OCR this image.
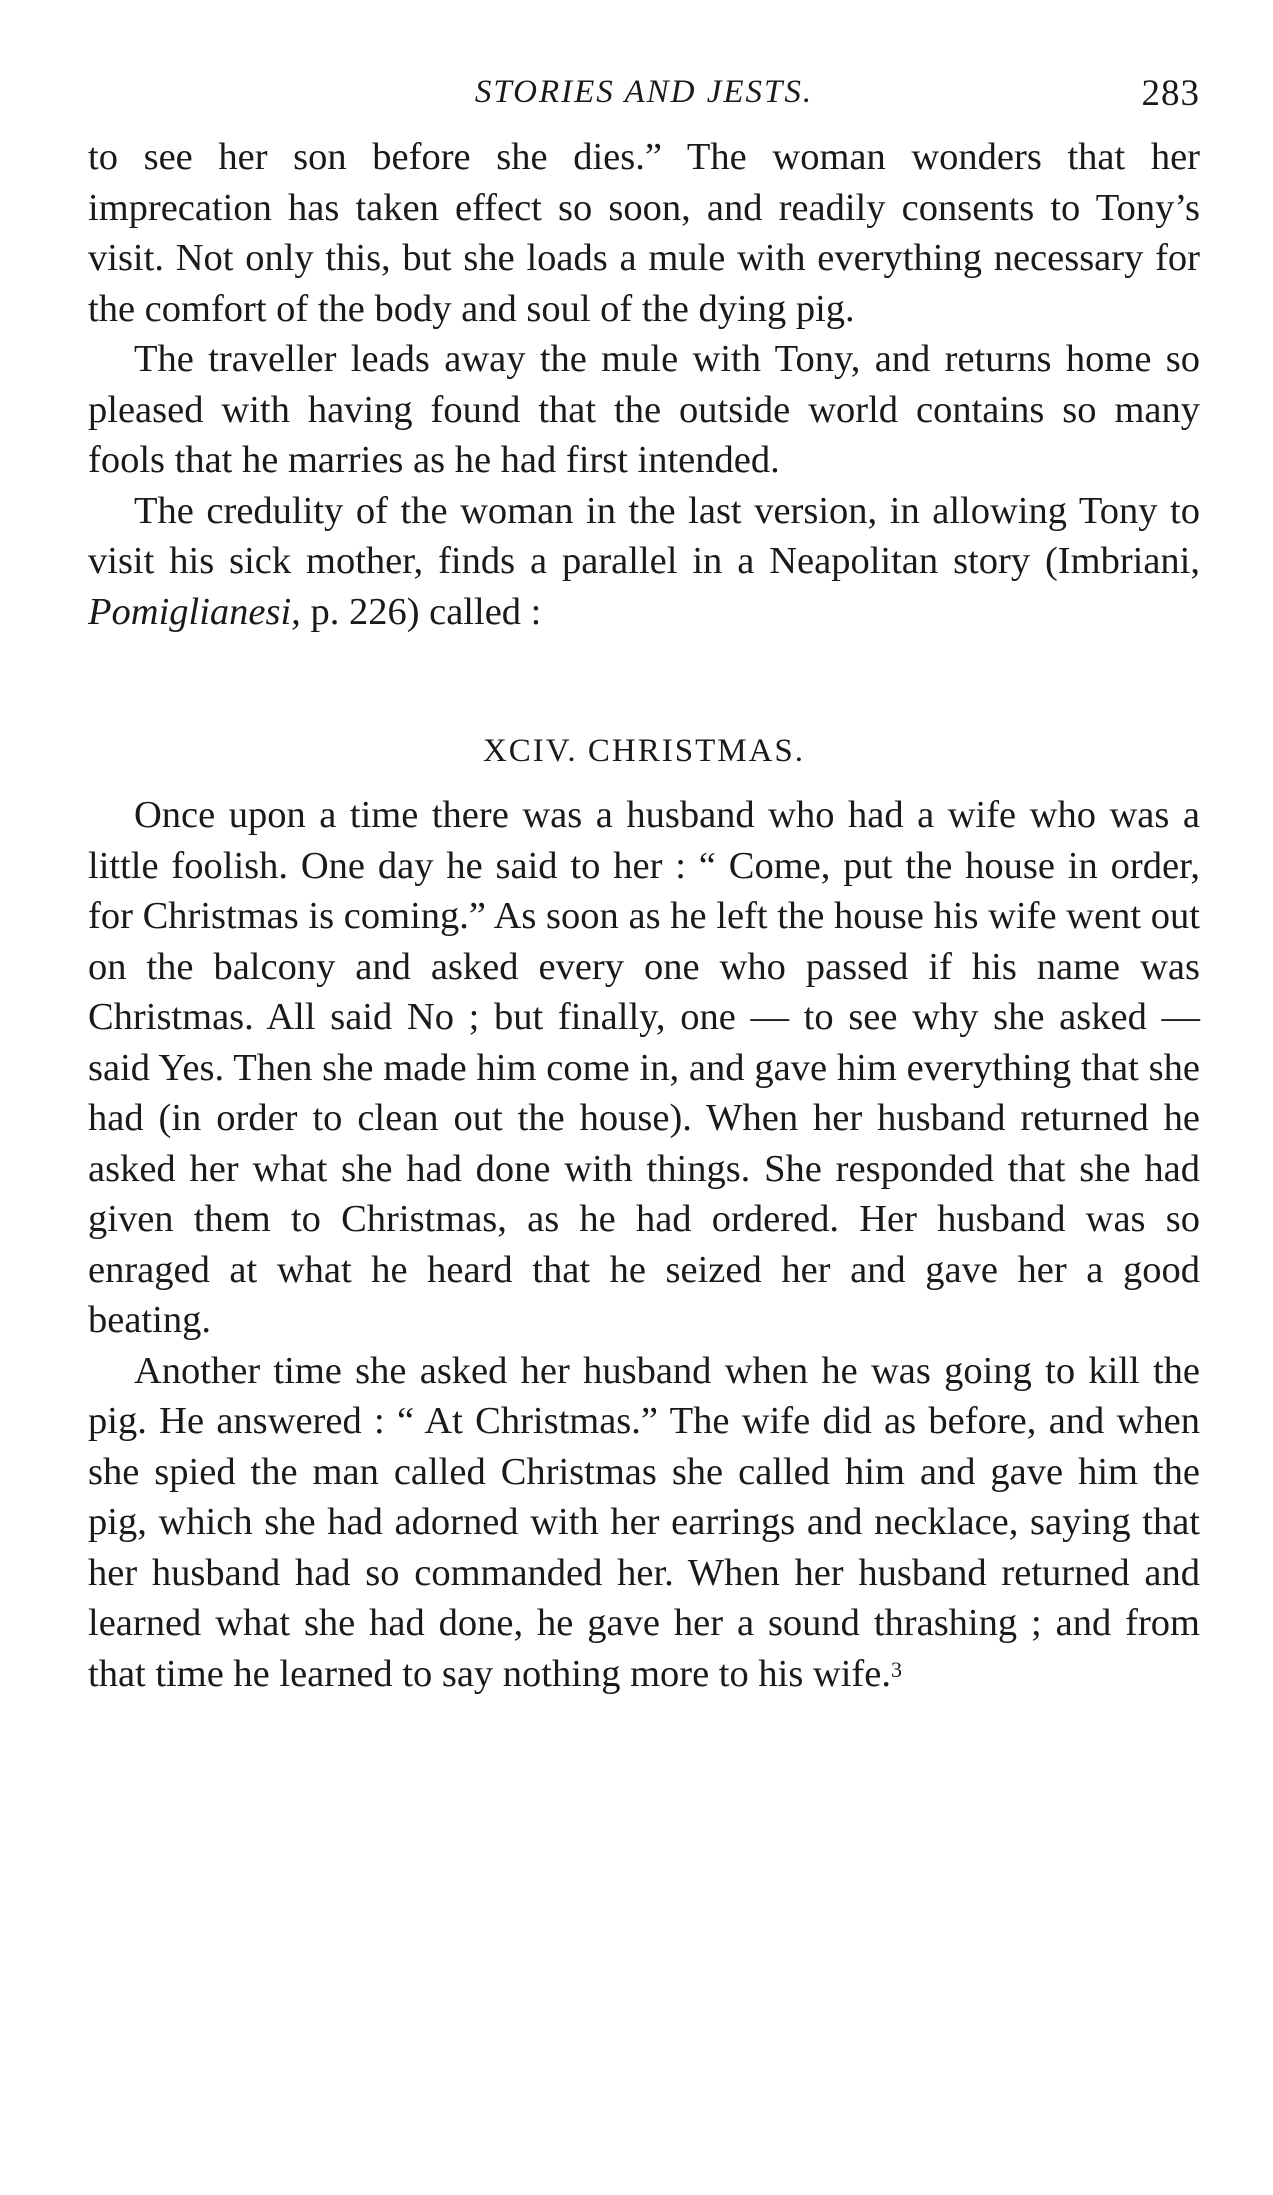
STORIES AND JESTS.	283

to see her son before she dies.” The woman wonders that her imprecation has taken effect so soon, and readily consents to Tony’s visit. Not only this, but she loads a mule with everything necessary for the comfort of the body and soul of the dying pig.

The traveller leads away the mule with Tony, and returns home so pleased with having found that the outside world contains so many fools that he marries as he had first intended.

The credulity of the woman in the last version, in allowing Tony to visit his sick mother, finds a parallel in a Neapolitan story (Imbriani, Pomiglianesi, p. 226) called :

XCIV. CHRISTMAS.

Once upon a time there was a husband who had a wife who was a little foolish. One day he said to her : “ Come, put the house in order, for Christmas is coming.” As soon as he left the house his wife went out on the balcony and asked every one who passed if his name was Christmas. All said No ; but finally, one — to see why she asked — said Yes. Then she made him come in, and gave him everything that she had (in order to clean out the house). When her husband returned he asked her what she had done with things. She responded that she had given them to Christmas, as he had ordered. Her husband was so enraged at what he heard that he seized her and gave her a good beating.

Another time she asked her husband when he was going to kill the pig. He answered : “ At Christmas.” The wife did as before, and when she spied the man called Christmas she called him and gave him the pig, which she had adorned with her earrings and necklace, saying that her husband had so commanded her. When her husband returned and learned what she had done, he gave her a sound thrashing ; and from that time he learned to say nothing more to his wife.$^3$
